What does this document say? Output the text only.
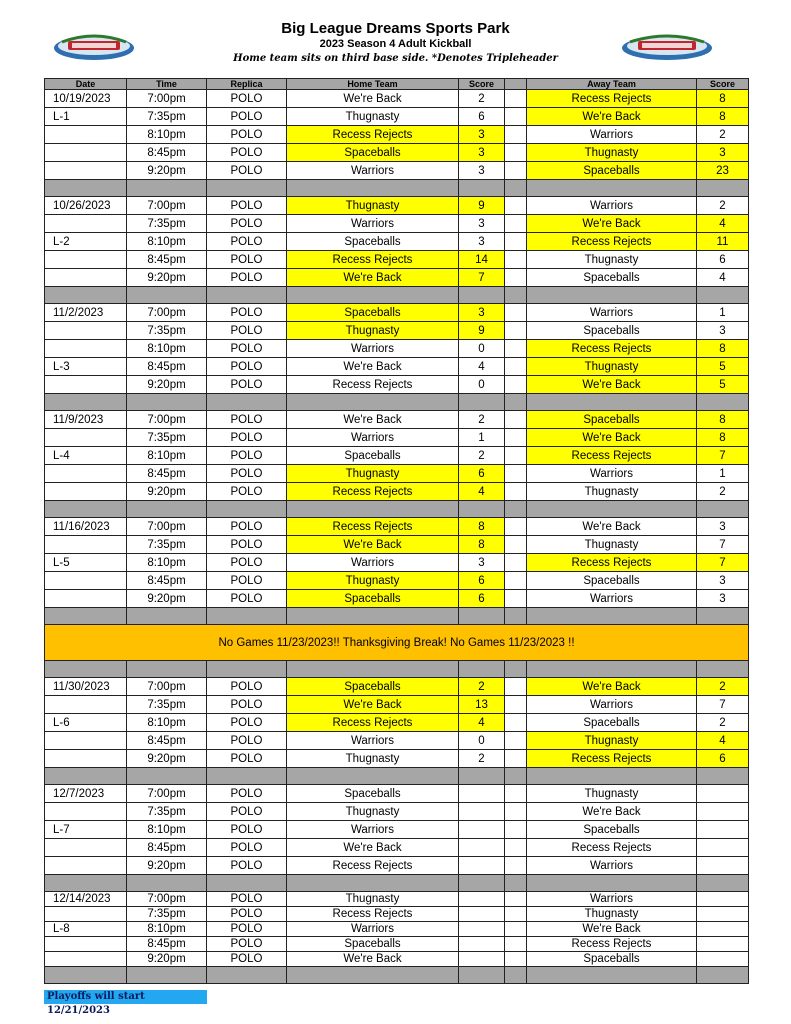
Big League Dreams Sports Park
2023 Season 4 Adult Kickball
Home team sits on third base side. *Denotes Tripleheader
Date	Time	Replica	Home Team	Score		Away Team	Score
10/19/2023	7:00pm	POLO	We're Back	2		Recess Rejects	8
L-1	7:35pm	POLO	Thugnasty	6		We're Back	8
	8:10pm	POLO	Recess Rejects	3		Warriors	2
	8:45pm	POLO	Spaceballs	3		Thugnasty	3
	9:20pm	POLO	Warriors	3		Spaceballs	23

10/26/2023	7:00pm	POLO	Thugnasty	9		Warriors	2
	7:35pm	POLO	Warriors	3		We're Back	4
L-2	8:10pm	POLO	Spaceballs	3		Recess Rejects	11
	8:45pm	POLO	Recess Rejects	14		Thugnasty	6
	9:20pm	POLO	We're Back	7		Spaceballs	4

11/2/2023	7:00pm	POLO	Spaceballs	3		Warriors	1
	7:35pm	POLO	Thugnasty	9		Spaceballs	3
	8:10pm	POLO	Warriors	0		Recess Rejects	8
L-3	8:45pm	POLO	We're Back	4		Thugnasty	5
	9:20pm	POLO	Recess Rejects	0		We're Back	5

11/9/2023	7:00pm	POLO	We're Back	2		Spaceballs	8
	7:35pm	POLO	Warriors	1		We're Back	8
L-4	8:10pm	POLO	Spaceballs	2		Recess Rejects	7
	8:45pm	POLO	Thugnasty	6		Warriors	1
	9:20pm	POLO	Recess Rejects	4		Thugnasty	2

11/16/2023	7:00pm	POLO	Recess Rejects	8		We're Back	3
	7:35pm	POLO	We're Back	8		Thugnasty	7
L-5	8:10pm	POLO	Warriors	3		Recess Rejects	7
	8:45pm	POLO	Thugnasty	6		Spaceballs	3
	9:20pm	POLO	Spaceballs	6		Warriors	3

No Games 11/23/2023!! Thanksgiving Break! No Games 11/23/2023 !!							

11/30/2023	7:00pm	POLO	Spaceballs	2		We're Back	2
	7:35pm	POLO	We're Back	13		Warriors	7
L-6	8:10pm	POLO	Recess Rejects	4		Spaceballs	2
	8:45pm	POLO	Warriors	0		Thugnasty	4
	9:20pm	POLO	Thugnasty	2		Recess Rejects	6

12/7/2023	7:00pm	POLO	Spaceballs			Thugnasty	
	7:35pm	POLO	Thugnasty			We're Back	
L-7	8:10pm	POLO	Warriors			Spaceballs	
	8:45pm	POLO	We're Back			Recess Rejects	
	9:20pm	POLO	Recess Rejects			Warriors	

12/14/2023	7:00pm	POLO	Thugnasty			Warriors	
	7:35pm	POLO	Recess Rejects			Thugnasty	
L-8	8:10pm	POLO	Warriors			We're Back	
	8:45pm	POLO	Spaceballs			Recess Rejects	
	9:20pm	POLO	We're Back			Spaceballs	

Playoffs will start 12/21/2023
